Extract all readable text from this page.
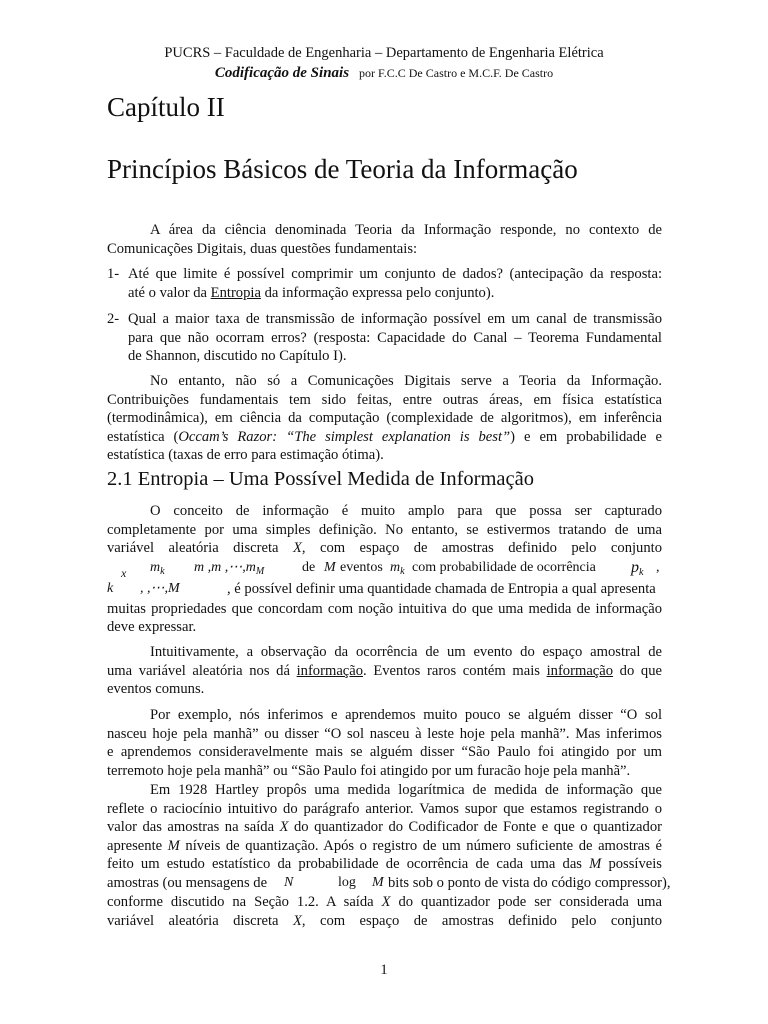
PUCRS – Faculdade de Engenharia – Departamento de Engenharia Elétrica
Codificação de Sinais por F.C.C De Castro e M.C.F. De Castro
Capítulo II
Princípios Básicos de Teoria da Informação
A área da ciência denominada Teoria da Informação responde, no contexto de
Comunicações Digitais, duas questões fundamentais:
1- Até que limite é possível comprimir um conjunto de dados? (antecipação da resposta:
até o valor da Entropia da informação expressa pelo conjunto).
2- Qual a maior taxa de transmissão de informação possível em um canal de transmissão
para que não ocorram erros? (resposta: Capacidade do Canal – Teorema Fundamental
de Shannon, discutido no Capítulo I).
No entanto, não só a Comunicações Digitais serve a Teoria da Informação.
Contribuições fundamentais tem sido feitas, entre outras áreas, em física estatística
(termodinâmica), em ciência da computação (complexidade de algoritmos), em inferência
estatística (Occam’s Razor: “The simplest explanation is best”) e em probabilidade e
estatística (taxas de erro para estimação ótima).
2.1 Entropia – Uma Possível Medida de Informação
O conceito de informação é muito amplo para que possa ser capturado
completamente por uma simples definição. No entanto, se estivermos tratando de uma
variável aleatória discreta X, com espaço de amostras definido pelo conjunto
x $m_k$ m ,m $,\cdots,m_M$	de M eventos $m_k$ com probabilidade de ocorrência pk ,
k , ,⋯,M	, é possível definir uma quantidade chamada de Entropia a qual apresenta
muitas propriedades que concordam com noção intuitiva do que uma medida de informação
deve expressar.
Intuitivamente, a observação da ocorrência de um evento do espaço amostral de
uma variável aleatória nos dá informação. Eventos raros contém mais informação do que
eventos comuns.
Por exemplo, nós inferimos e aprendemos muito pouco se alguém disser “O sol
nasceu hoje pela manhã” ou disser “O sol nasceu à leste hoje pela manhã”. Mas inferimos
e aprendemos consideravelmente mais se alguém disser “São Paulo foi atingido por um
terremoto hoje pela manhã” ou “São Paulo foi atingido por um furacão hoje pela manhã”.
Em 1928 Hartley propôs uma medida logarítmica de medida de informação que
reflete o raciocínio intuitivo do parágrafo anterior. Vamos supor que estamos registrando o
valor das amostras na saída X do quantizador do Codificador de Fonte e que o quantizador
apresente M níveis de quantização. Após o registro de um número suficiente de amostras é
feito um estudo estatístico da probabilidade de ocorrência de cada uma das M possíveis
amostras (ou mensagens de N	log M bits sob o ponto de vista do código compressor),
conforme discutido na Seção 1.2. A saída X do quantizador pode ser considerada uma
variável aleatória discreta X, com espaço de amostras definido pelo conjunto
1
